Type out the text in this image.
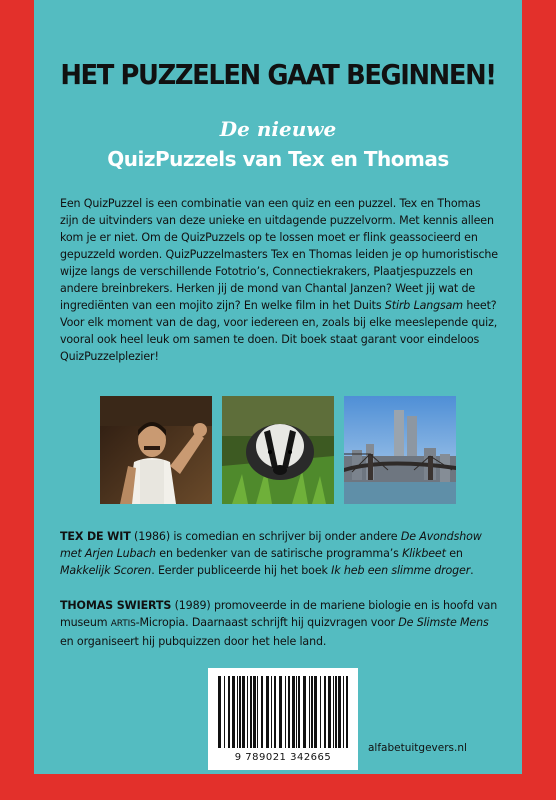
HET PUZZELEN GAAT BEGINNEN!
De nieuwe
QuizPuzzels van Tex en Thomas

Een QuizPuzzel is een combinatie van een quiz en een puzzel. Tex en Thomas zijn de uitvinders van deze unieke en uitdagende puzzelvorm. Met kennis alleen kom je er niet. Om de QuizPuzzels op te lossen moet er flink geassocieerd en gepuzzeld worden. QuizPuzzelmasters Tex en Thomas leiden je op humoristische wijze langs de verschillende Fototrio’s, Connectiekrakers, Plaatjespuzzels en andere breinbrekers. Herken jij de mond van Chantal Janzen? Weet jij wat de ingrediënten van een mojito zijn? En welke film in het Duits Stirb Langsam heet? Voor elk moment van de dag, voor iedereen en, zoals bij elke meeslepende quiz, vooral ook heel leuk om samen te doen. Dit boek staat garant voor eindeloos QuizPuzzelplezier!

TEX DE WIT (1986) is comedian en schrijver bij onder andere De Avondshow met Arjen Lubach en bedenker van de satirische programma’s Klikbeet en Makkelijk Scoren. Eerder publiceerde hij het boek Ik heb een slimme droger.
THOMAS SWIERTS (1989) promoveerde in de mariene biologie en is hoofd van museum ARTIS-Micropia. Daarnaast schrijft hij quizvragen voor De Slimste Mens en organiseert hij pubquizzen door het hele land.
9 789021 342665
alfabetuitgevers.nl
